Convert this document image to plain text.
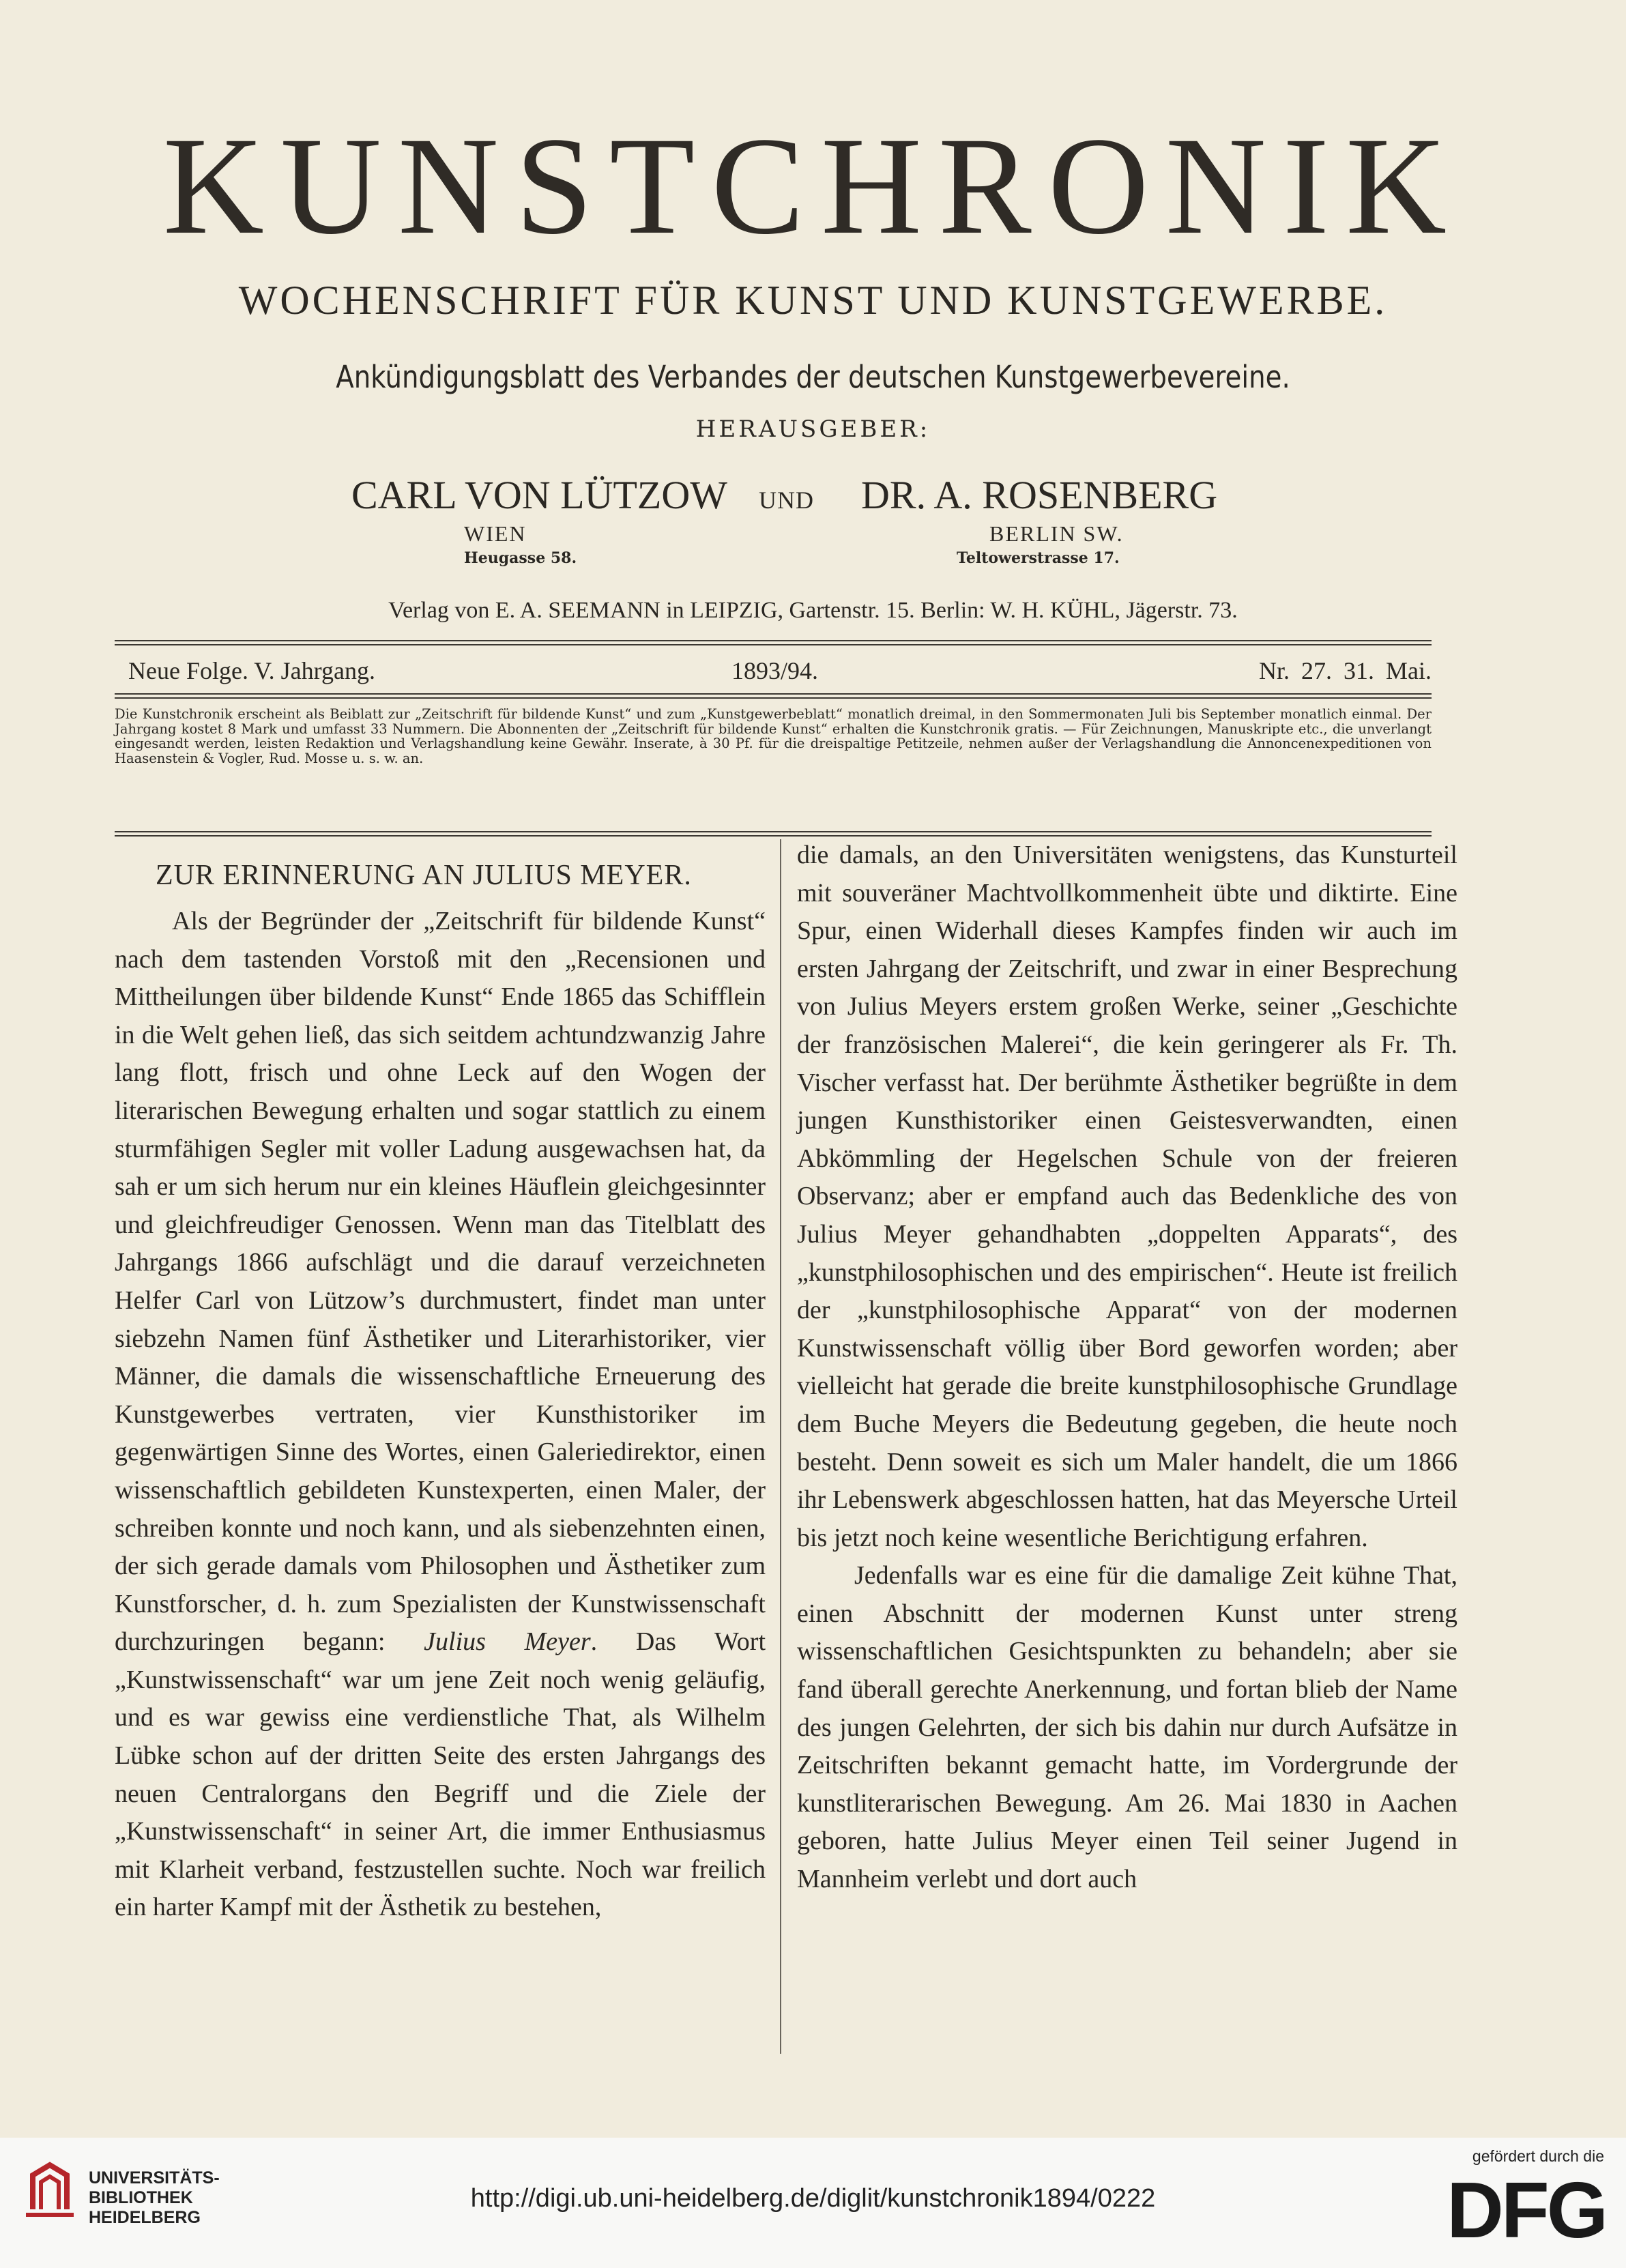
KUNSTCHRONIK
WOCHENSCHRIFT FÜR KUNST UND KUNSTGEWERBE.
Ankündigungsblatt des Verbandes der deutschen Kunstgewerbevereine.
HERAUSGEBER:
CARL VON LÜTZOW UND DR. A. ROSENBERG
WIEN	BERLIN SW.
Heugasse 58.	Teltowerstrasse 17.
Verlag von E. A. SEEMANN in LEIPZIG, Gartenstr. 15. Berlin: W. H. KÜHL, Jägerstr. 73.
Neue Folge. V. Jahrgang.	1893/94.	Nr. 27. 31. Mai.

Die Kunstchronik erscheint als Beiblatt zur „Zeitschrift für bildende Kunst“ und zum „Kunstgewerbeblatt“ monatlich dreimal, in den Sommermonaten Juli bis September monatlich einmal. Der Jahrgang kostet 8 Mark und umfasst 33 Nummern. Die Abonnenten der „Zeitschrift für bildende Kunst“ erhalten die Kunstchronik gratis. — Für Zeichnungen, Manuskripte etc., die unverlangt eingesandt werden, leisten Redaktion und Verlagshandlung keine Gewähr. Inserate, à 30 Pf. für die dreispaltige Petitzeile, nehmen außer der Verlagshandlung die Annoncenexpeditionen von Haasenstein & Vogler, Rud. Mosse u. s. w. an.

ZUR ERINNERUNG AN JULIUS MEYER.

Als der Begründer der „Zeitschrift für bildende Kunst“ nach dem tastenden Vorstoß mit den „Recensionen und Mittheilungen über bildende Kunst“ Ende 1865 das Schifflein in die Welt gehen ließ, das sich seitdem achtundzwanzig Jahre lang flott, frisch und ohne Leck auf den Wogen der literarischen Bewegung erhalten und sogar stattlich zu einem sturmfähigen Segler mit voller Ladung ausgewachsen hat, da sah er um sich herum nur ein kleines Häuflein gleichgesinnter und gleichfreudiger Genossen. Wenn man das Titelblatt des Jahrgangs 1866 aufschlägt und die darauf verzeichneten Helfer Carl von Lützow’s durchmustert, findet man unter siebzehn Namen fünf Ästhetiker und Literarhistoriker, vier Männer, die damals die wissenschaftliche Erneuerung des Kunstgewerbes vertraten, vier Kunsthistoriker im gegenwärtigen Sinne des Wortes, einen Galeriedirektor, einen wissenschaftlich gebildeten Kunstexperten, einen Maler, der schreiben konnte und noch kann, und als siebenzehnten einen, der sich gerade damals vom Philosophen und Ästhetiker zum Kunstforscher, d. h. zum Spezialisten der Kunstwissenschaft durchzuringen begann: Julius Meyer. Das Wort „Kunstwissenschaft“ war um jene Zeit noch wenig geläufig, und es war gewiss eine verdienstliche That, als Wilhelm Lübke schon auf der dritten Seite des ersten Jahrgangs des neuen Centralorgans den Begriff und die Ziele der „Kunstwissenschaft“ in seiner Art, die immer Enthusiasmus mit Klarheit verband, festzustellen suchte. Noch war freilich ein harter Kampf mit der Ästhetik zu bestehen,

die damals, an den Universitäten wenigstens, das Kunsturteil mit souveräner Machtvollkommenheit übte und diktirte. Eine Spur, einen Widerhall dieses Kampfes finden wir auch im ersten Jahrgang der Zeitschrift, und zwar in einer Besprechung von Julius Meyers erstem großen Werke, seiner „Geschichte der französischen Malerei“, die kein geringerer als Fr. Th. Vischer verfasst hat. Der berühmte Ästhetiker begrüßte in dem jungen Kunsthistoriker einen Geistesverwandten, einen Abkömmling der Hegelschen Schule von der freieren Observanz; aber er empfand auch das Bedenkliche des von Julius Meyer gehandhabten „doppelten Apparats“, des „kunstphilosophischen und des empirischen“. Heute ist freilich der „kunstphilosophische Apparat“ von der modernen Kunstwissenschaft völlig über Bord geworfen worden; aber vielleicht hat gerade die breite kunstphilosophische Grundlage dem Buche Meyers die Bedeutung gegeben, die heute noch besteht. Denn soweit es sich um Maler handelt, die um 1866 ihr Lebenswerk abgeschlossen hatten, hat das Meyersche Urteil bis jetzt noch keine wesentliche Berichtigung erfahren.

Jedenfalls war es eine für die damalige Zeit kühne That, einen Abschnitt der modernen Kunst unter streng wissenschaftlichen Gesichtspunkten zu behandeln; aber sie fand überall gerechte Anerkennung, und fortan blieb der Name des jungen Gelehrten, der sich bis dahin nur durch Aufsätze in Zeitschriften bekannt gemacht hatte, im Vordergrunde der kunstliterarischen Bewegung. Am 26. Mai 1830 in Aachen geboren, hatte Julius Meyer einen Teil seiner Jugend in Mannheim verlebt und dort auch

UNIVERSITÄTS-
BIBLIOTHEK
HEIDELBERG
http://digi.ub.uni-heidelberg.de/diglit/kunstchronik1894/0222
gefördert durch die
DFG
